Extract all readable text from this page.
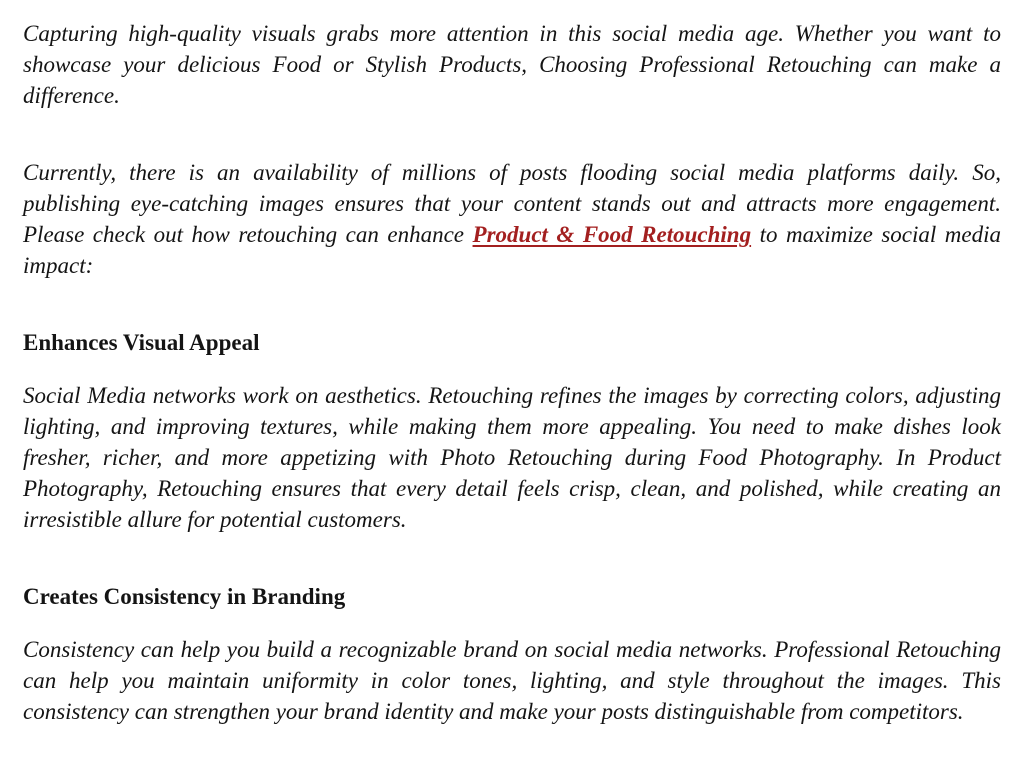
Capturing high-quality visuals grabs more attention in this social media age. Whether you want to showcase your delicious Food or Stylish Products, Choosing Professional Retouching can make a difference.

Currently, there is an availability of millions of posts flooding social media platforms daily. So, publishing eye-catching images ensures that your content stands out and attracts more engagement. Please check out how retouching can enhance Product & Food Retouching to maximize social media impact:

Enhances Visual Appeal

Social Media networks work on aesthetics. Retouching refines the images by correcting colors, adjusting lighting, and improving textures, while making them more appealing. You need to make dishes look fresher, richer, and more appetizing with Photo Retouching during Food Photography. In Product Photography, Retouching ensures that every detail feels crisp, clean, and polished, while creating an irresistible allure for potential customers.

Creates Consistency in Branding

Consistency can help you build a recognizable brand on social media networks. Professional Retouching can help you maintain uniformity in color tones, lighting, and style throughout the images. This consistency can strengthen your brand identity and make your posts distinguishable from competitors.
